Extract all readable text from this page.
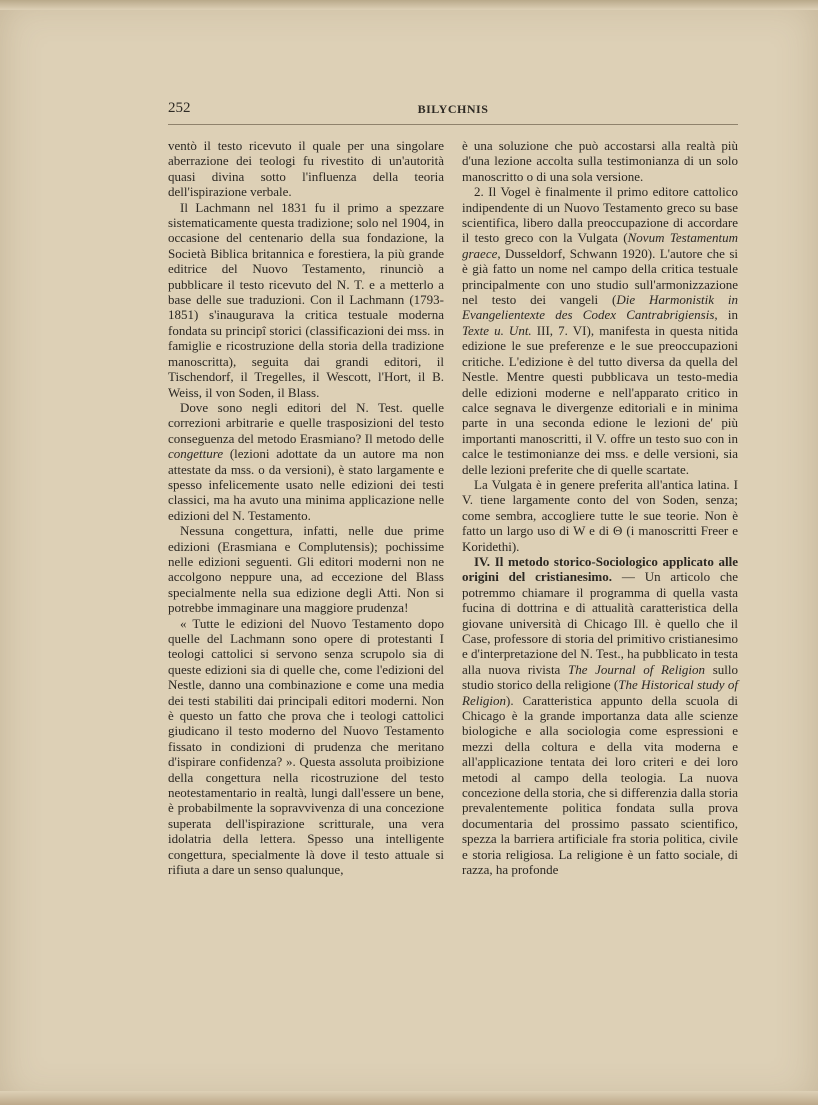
252	BILYCHNIS

ventò il testo ricevuto il quale per una singolare aberrazione dei teologi fu rivestito di un'autorità quasi divina sotto l'influenza della teoria dell'ispirazione verbale.

Il Lachmann nel 1831 fu il primo a spezzare sistematicamente questa tradizione; solo nel 1904, in occasione del centenario della sua fondazione, la Società Biblica britannica e forestiera, la più grande editrice del Nuovo Testamento, rinunciò a pubblicare il testo ricevuto del N. T. e a metterlo a base delle sue traduzioni. Con il Lachmann (1793-1851) s'inaugurava la critica testuale moderna fondata su principî storici (classificazioni dei mss. in famiglie e ricostruzione della storia della tradizione manoscritta), seguita dai grandi editori, il Tischendorf, il Tregelles, il Wescott, l'Hort, il B. Weiss, il von Soden, il Blass.

Dove sono negli editori del N. Test. quelle correzioni arbitrarie e quelle trasposizioni del testo conseguenza del metodo Erasmiano? Il metodo delle congetture (lezioni adottate da un autore ma non attestate da mss. o da versioni), è stato largamente e spesso infelicemente usato nelle edizioni dei testi classici, ma ha avuto una minima applicazione nelle edizioni del N. Testamento.

Nessuna congettura, infatti, nelle due prime edizioni (Erasmiana e Complutensis); pochissime nelle edizioni seguenti. Gli editori moderni non ne accolgono neppure una, ad eccezione del Blass specialmente nella sua edizione degli Atti. Non si potrebbe immaginare una maggiore prudenza!

« Tutte le edizioni del Nuovo Testamento dopo quelle del Lachmann sono opere di protestanti I teologi cattolici si servono senza scrupolo sia di queste edizioni sia di quelle che, come l'edizioni del Nestle, danno una combinazione e come una media dei testi stabiliti dai principali editori moderni. Non è questo un fatto che prova che i teologi cattolici giudicano il testo moderno del Nuovo Testamento fissato in condizioni di prudenza che meritano d'ispirare confidenza? ». Questa assoluta proibizione della congettura nella ricostruzione del testo neotestamentario in realtà, lungi dall'essere un bene, è probabilmente la sopravvivenza di una concezione superata dell'ispirazione scritturale, una vera idolatria della lettera. Spesso una intelligente congettura, specialmente là dove il testo attuale si rifiuta a dare un senso qualunque,

è una soluzione che può accostarsi alla realtà più d'una lezione accolta sulla testimonianza di un solo manoscritto o di una sola versione.

2. Il Vogel è finalmente il primo editore cattolico indipendente di un Nuovo Testamento greco su base scientifica, libero dalla preoccupazione di accordare il testo greco con la Vulgata (Novum Testamentum graece, Dusseldorf, Schwann 1920). L'autore che si è già fatto un nome nel campo della critica testuale principalmente con uno studio sull'armonizzazione nel testo dei vangeli (Die Harmonistik in Evangelientexte des Codex Cantrabrigiensis, in Texte u. Unt. III, 7. VI), manifesta in questa nitida edizione le sue preferenze e le sue preoccupazioni critiche. L'edizione è del tutto diversa da quella del Nestle. Mentre questi pubblicava un testo-media delle edizioni moderne e nell'apparato critico in calce segnava le divergenze editoriali e in minima parte in una seconda edione le lezioni de' più importanti manoscritti, il V. offre un testo suo con in calce le testimonianze dei mss. e delle versioni, sia delle lezioni preferite che di quelle scartate.

La Vulgata è in genere preferita all'antica latina. I V. tiene largamente conto del von Soden, senza; come sembra, accogliere tutte le sue teorie. Non è fatto un largo uso di W e di Θ (i manoscritti Freer e Koridethi).

IV. Il metodo storico-Sociologico applicato alle origini del cristianesimo. — Un articolo che potremmo chiamare il programma di quella vasta fucina di dottrina e di attualità caratteristica della giovane università di Chicago Ill. è quello che il Case, professore di storia del primitivo cristianesimo e d'interpretazione del N. Test., ha pubblicato in testa alla nuova rivista The Journal of Religion sullo studio storico della religione (The Historical study of Religion). Caratteristica appunto della scuola di Chicago è la grande importanza data alle scienze biologiche e alla sociologia come espressioni e mezzi della coltura e della vita moderna e all'applicazione tentata dei loro criteri e dei loro metodi al campo della teologia. La nuova concezione della storia, che si differenzia dalla storia prevalentemente politica fondata sulla prova documentaria del prossimo passato scientifico, spezza la barriera artificiale fra storia politica, civile e storia religiosa. La religione è un fatto sociale, di razza, ha profonde
